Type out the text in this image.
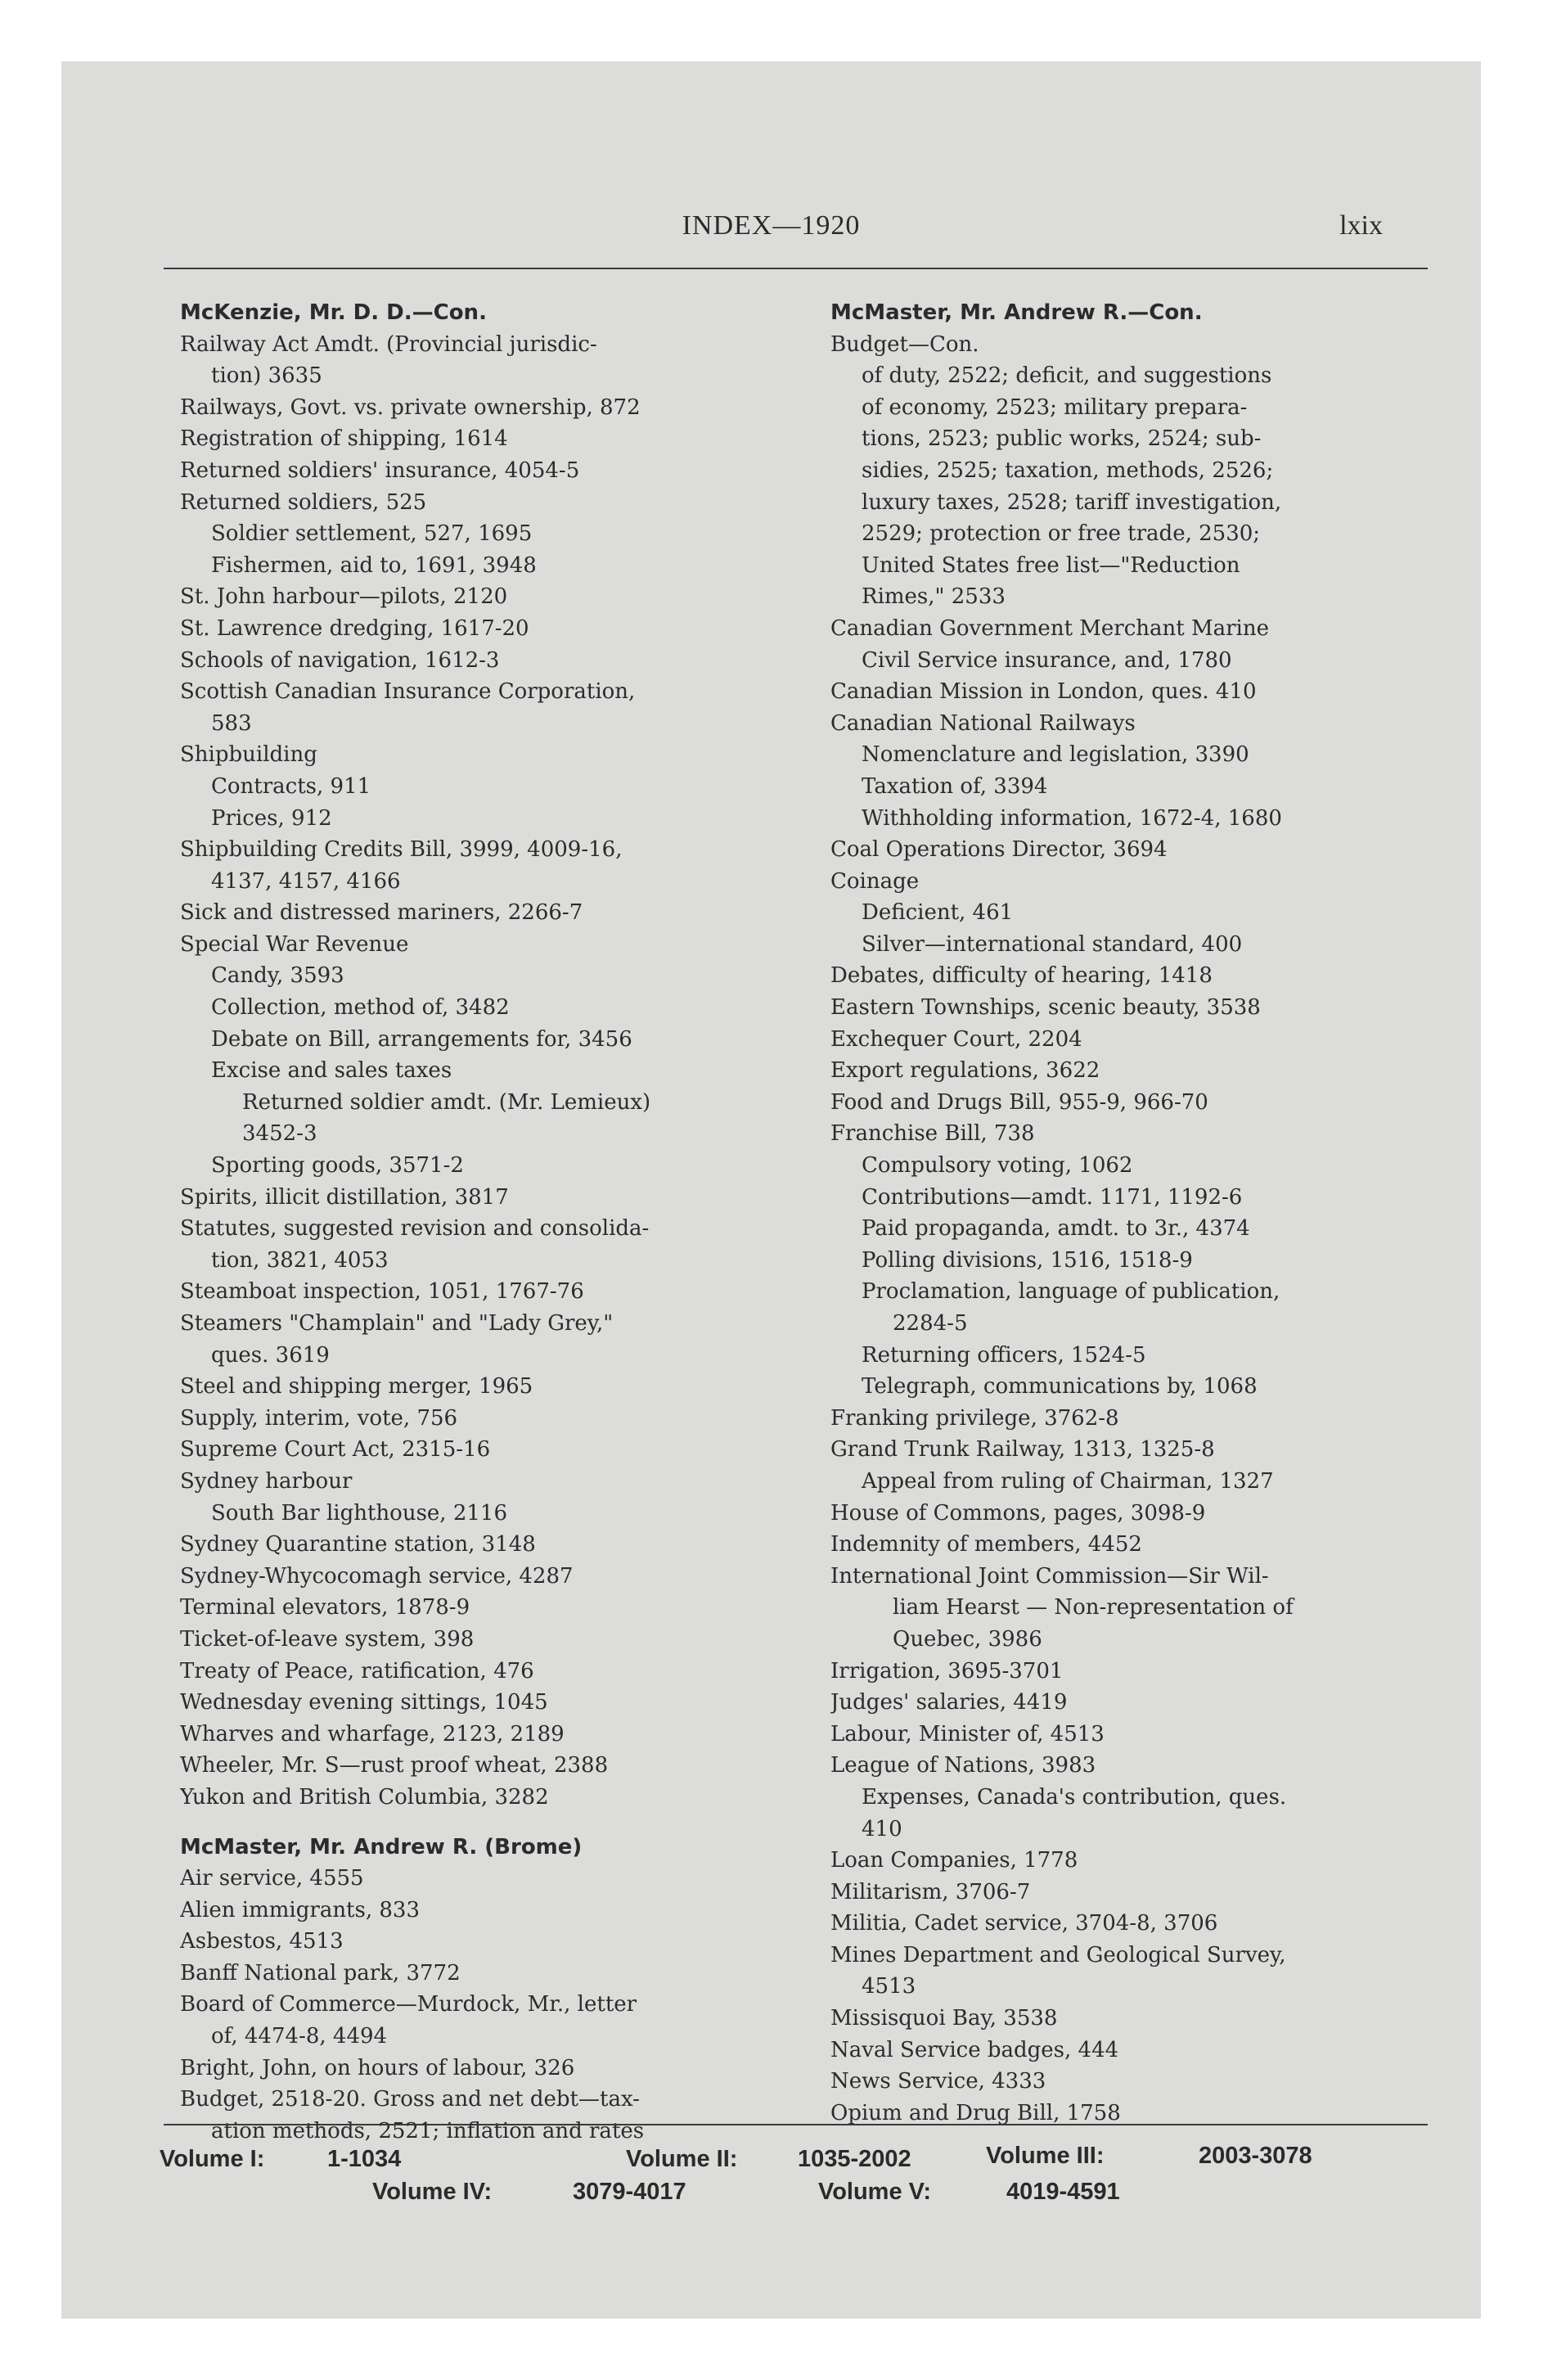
INDEX—1920	lxix
McKenzie, Mr. D. D.—Con.
Railway Act Amdt. (Provincial jurisdic-
tion) 3635
Railways, Govt. vs. private ownership, 872
Registration of shipping, 1614
Returned soldiers' insurance, 4054-5
Returned soldiers, 525
Soldier settlement, 527, 1695
Fishermen, aid to, 1691, 3948
St. John harbour—pilots, 2120
St. Lawrence dredging, 1617-20
Schools of navigation, 1612-3
Scottish Canadian Insurance Corporation,
583
Shipbuilding
Contracts, 911
Prices, 912
Shipbuilding Credits Bill, 3999, 4009-16,
4137, 4157, 4166
Sick and distressed mariners, 2266-7
Special War Revenue
Candy, 3593
Collection, method of, 3482
Debate on Bill, arrangements for, 3456
Excise and sales taxes
Returned soldier amdt. (Mr. Lemieux)
3452-3
Sporting goods, 3571-2
Spirits, illicit distillation, 3817
Statutes, suggested revision and consolida-
tion, 3821, 4053
Steamboat inspection, 1051, 1767-76
Steamers "Champlain" and "Lady Grey,"
ques. 3619
Steel and shipping merger, 1965
Supply, interim, vote, 756
Supreme Court Act, 2315-16
Sydney harbour
South Bar lighthouse, 2116
Sydney Quarantine station, 3148
Sydney-Whycocomagh service, 4287
Terminal elevators, 1878-9
Ticket-of-leave system, 398
Treaty of Peace, ratification, 476
Wednesday evening sittings, 1045
Wharves and wharfage, 2123, 2189
Wheeler, Mr. S—rust proof wheat, 2388
Yukon and British Columbia, 3282
McMaster, Mr. Andrew R. (Brome)
Air service, 4555
Alien immigrants, 833
Asbestos, 4513
Banff National park, 3772
Board of Commerce—Murdock, Mr., letter
of, 4474-8, 4494
Bright, John, on hours of labour, 326
Budget, 2518-20. Gross and net debt—tax-
ation methods, 2521; inflation and rates
McMaster, Mr. Andrew R.—Con.
Budget—Con.
of duty, 2522; deficit, and suggestions
of economy, 2523; military prepara-
tions, 2523; public works, 2524; sub-
sidies, 2525; taxation, methods, 2526;
luxury taxes, 2528; tariff investigation,
2529; protection or free trade, 2530;
United States free list—"Reduction
Rimes," 2533
Canadian Government Merchant Marine
Civil Service insurance, and, 1780
Canadian Mission in London, ques. 410
Canadian National Railways
Nomenclature and legislation, 3390
Taxation of, 3394
Withholding information, 1672-4, 1680
Coal Operations Director, 3694
Coinage
Deficient, 461
Silver—international standard, 400
Debates, difficulty of hearing, 1418
Eastern Townships, scenic beauty, 3538
Exchequer Court, 2204
Export regulations, 3622
Food and Drugs Bill, 955-9, 966-70
Franchise Bill, 738
Compulsory voting, 1062
Contributions—amdt. 1171, 1192-6
Paid propaganda, amdt. to 3r., 4374
Polling divisions, 1516, 1518-9
Proclamation, language of publication,
2284-5
Returning officers, 1524-5
Telegraph, communications by, 1068
Franking privilege, 3762-8
Grand Trunk Railway, 1313, 1325-8
Appeal from ruling of Chairman, 1327
House of Commons, pages, 3098-9
Indemnity of members, 4452
International Joint Commission—Sir Wil-
liam Hearst — Non-representation of
Quebec, 3986
Irrigation, 3695-3701
Judges' salaries, 4419
Labour, Minister of, 4513
League of Nations, 3983
Expenses, Canada's contribution, ques.
410
Loan Companies, 1778
Militarism, 3706-7
Militia, Cadet service, 3704-8, 3706
Mines Department and Geological Survey,
4513
Missisquoi Bay, 3538
Naval Service badges, 444
News Service, 4333
Opium and Drug Bill, 1758
Volume I:	1-1034	Volume II:	1035-2002	Volume III:	2003-3078
Volume IV:	3079-4017	Volume V:	4019-4591
